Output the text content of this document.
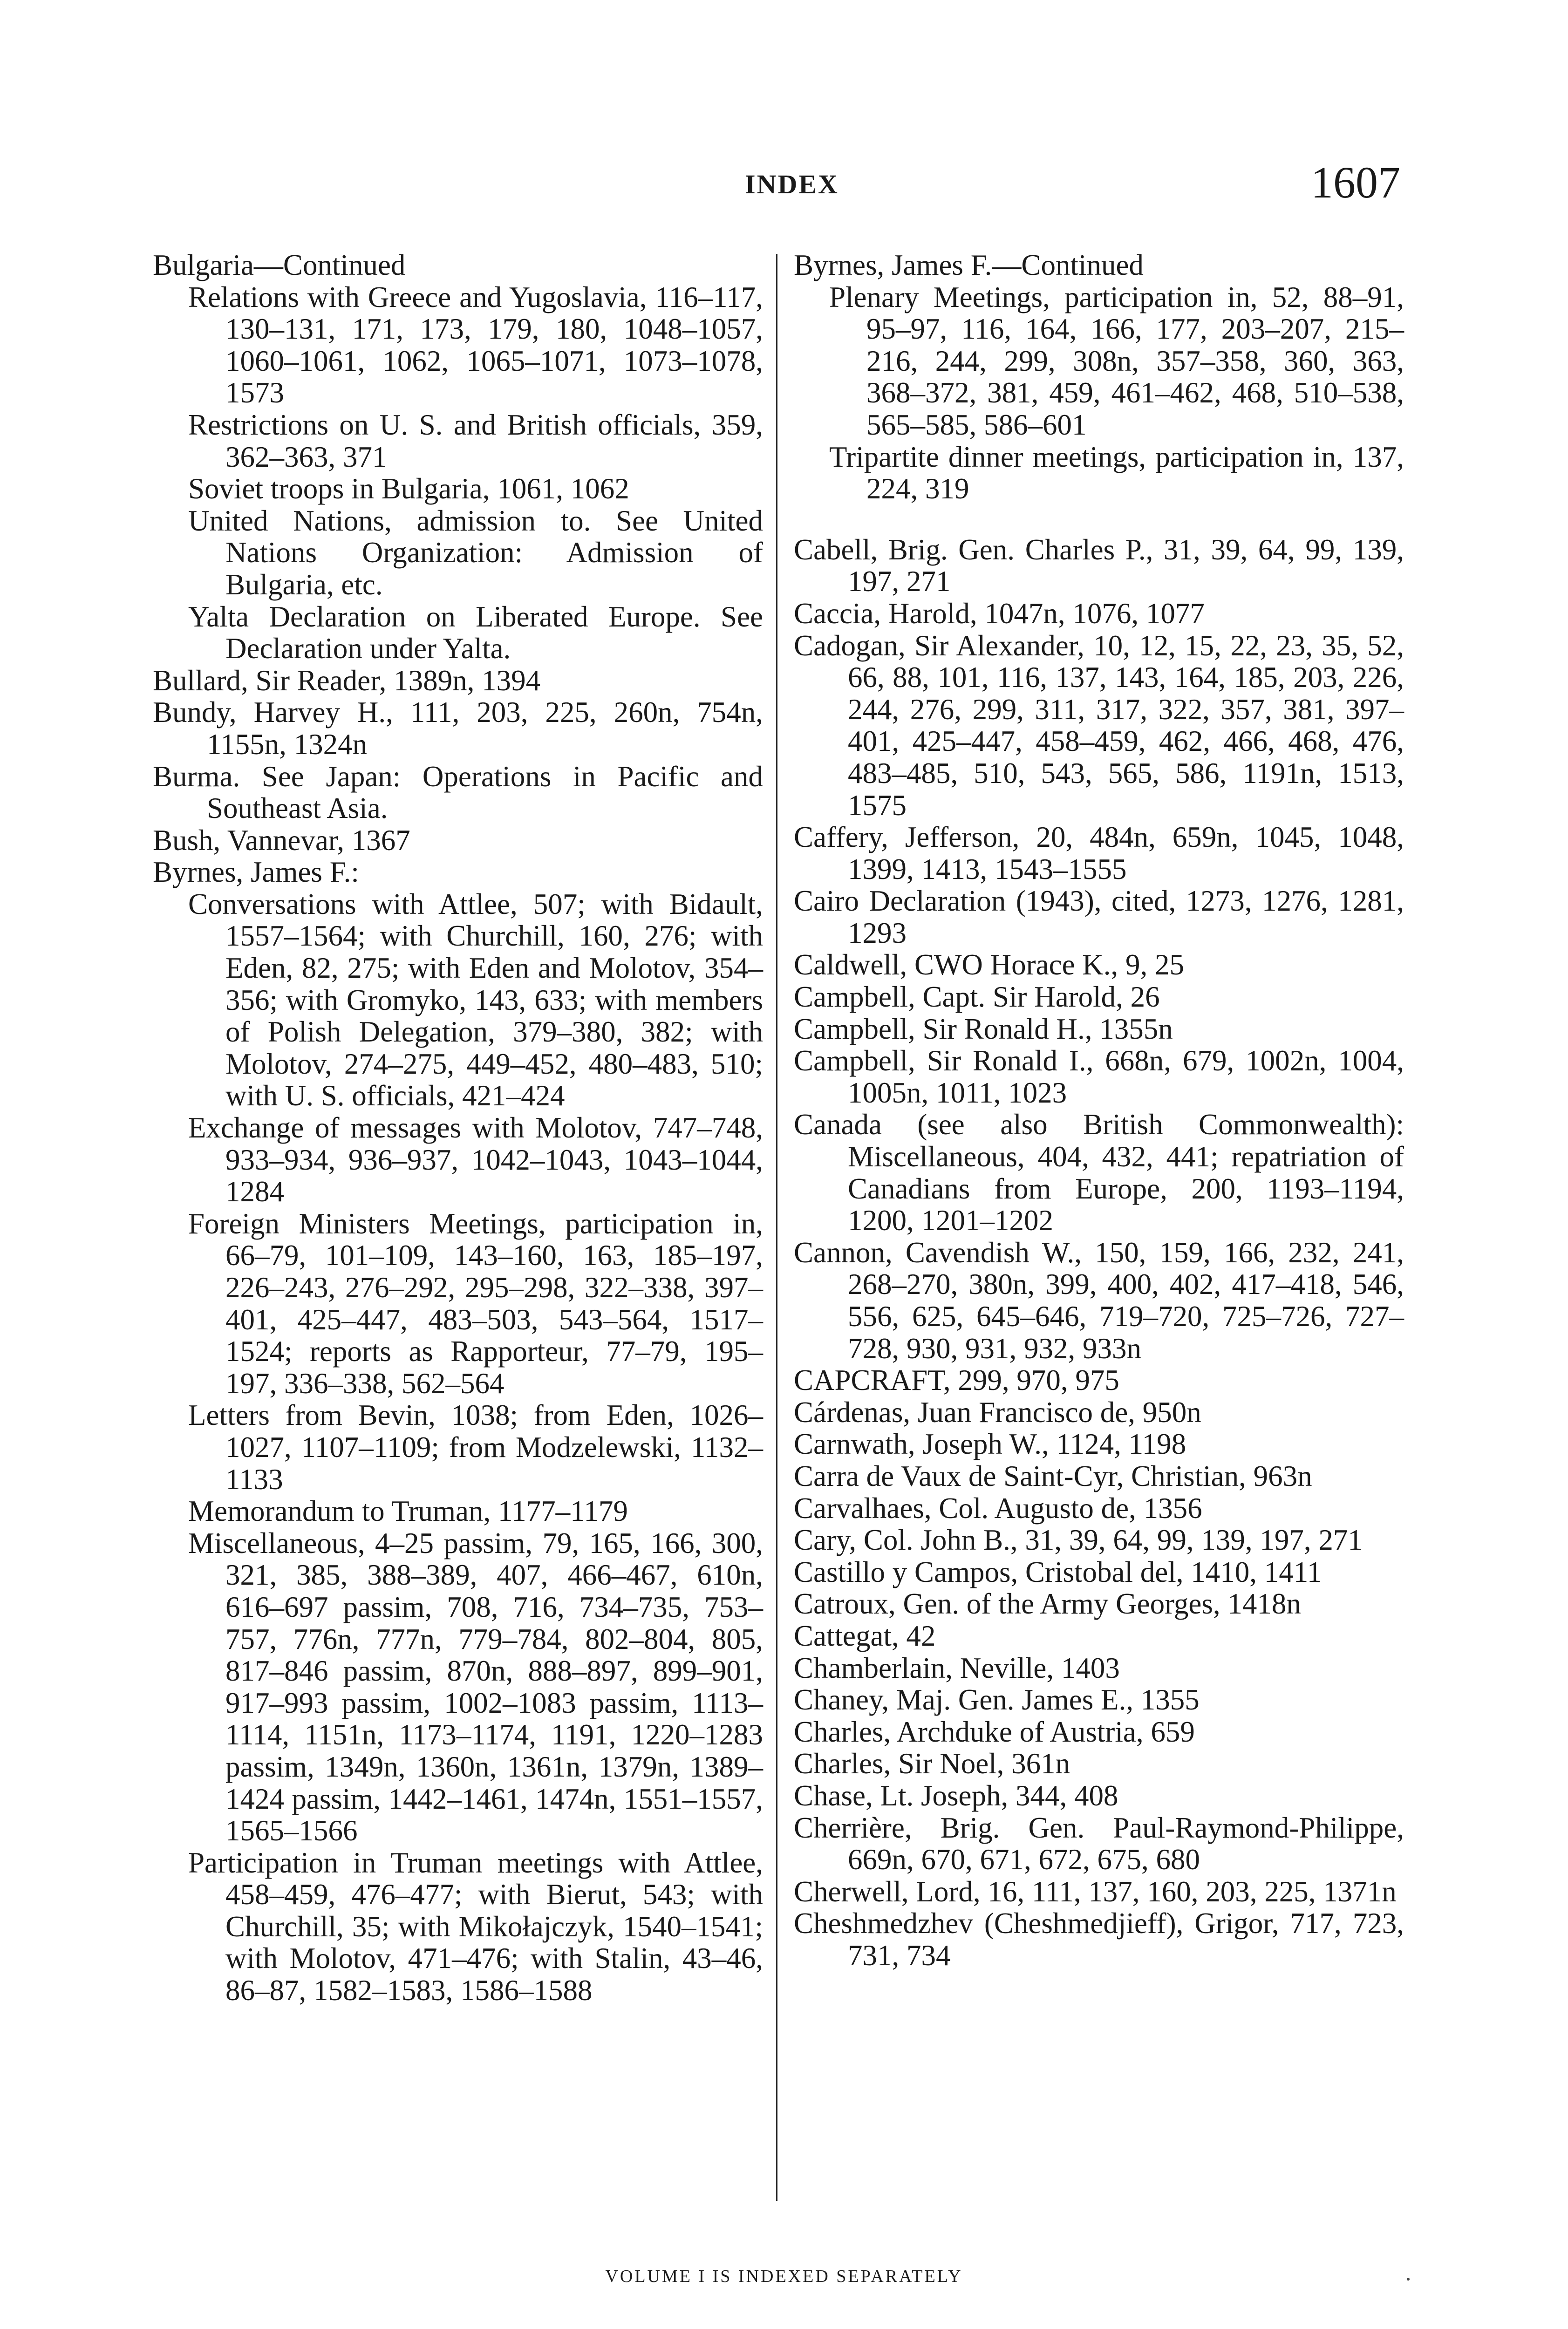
INDEX	1607
Bulgaria—Continued
Relations with Greece and Yugoslavia, 116–117, 130–131, 171, 173, 179, 180, 1048–1057, 1060–1061, 1062, 1065–1071, 1073–1078, 1573
Restrictions on U. S. and British officials, 359, 362–363, 371
Soviet troops in Bulgaria, 1061, 1062
United Nations, admission to. See United Nations Organization: Admission of Bulgaria, etc.
Yalta Declaration on Liberated Europe. See Declaration under Yalta.
Bullard, Sir Reader, 1389n, 1394
Bundy, Harvey H., 111, 203, 225, 260n, 754n, 1155n, 1324n
Burma. See Japan: Operations in Pacific and Southeast Asia.
Bush, Vannevar, 1367
Byrnes, James F.:
Conversations with Attlee, 507; with Bidault, 1557–1564; with Churchill, 160, 276; with Eden, 82, 275; with Eden and Molotov, 354–356; with Gromyko, 143, 633; with members of Polish Delegation, 379–380, 382; with Molotov, 274–275, 449–452, 480–483, 510; with U. S. officials, 421–424
Exchange of messages with Molotov, 747–748, 933–934, 936–937, 1042–1043, 1043–1044, 1284
Foreign Ministers Meetings, participation in, 66–79, 101–109, 143–160, 163, 185–197, 226–243, 276–292, 295–298, 322–338, 397–401, 425–447, 483–503, 543–564, 1517–1524; reports as Rapporteur, 77–79, 195–197, 336–338, 562–564
Letters from Bevin, 1038; from Eden, 1026–1027, 1107–1109; from Modzelewski, 1132–1133
Memorandum to Truman, 1177–1179
Miscellaneous, 4–25 passim, 79, 165, 166, 300, 321, 385, 388–389, 407, 466–467, 610n, 616–697 passim, 708, 716, 734–735, 753–757, 776n, 777n, 779–784, 802–804, 805, 817–846 passim, 870n, 888–897, 899–901, 917–993 passim, 1002–1083 passim, 1113–1114, 1151n, 1173–1174, 1191, 1220–1283 passim, 1349n, 1360n, 1361n, 1379n, 1389–1424 passim, 1442–1461, 1474n, 1551–1557, 1565–1566
Participation in Truman meetings with Attlee, 458–459, 476–477; with Bierut, 543; with Churchill, 35; with Mikołajczyk, 1540–1541; with Molotov, 471–476; with Stalin, 43–46, 86–87, 1582–1583, 1586–1588
Byrnes, James F.—Continued
Plenary Meetings, participation in, 52, 88–91, 95–97, 116, 164, 166, 177, 203–207, 215–216, 244, 299, 308n, 357–358, 360, 363, 368–372, 381, 459, 461–462, 468, 510–538, 565–585, 586–601
Tripartite dinner meetings, participation in, 137, 224, 319
Cabell, Brig. Gen. Charles P., 31, 39, 64, 99, 139, 197, 271
Caccia, Harold, 1047n, 1076, 1077
Cadogan, Sir Alexander, 10, 12, 15, 22, 23, 35, 52, 66, 88, 101, 116, 137, 143, 164, 185, 203, 226, 244, 276, 299, 311, 317, 322, 357, 381, 397–401, 425–447, 458–459, 462, 466, 468, 476, 483–485, 510, 543, 565, 586, 1191n, 1513, 1575
Caffery, Jefferson, 20, 484n, 659n, 1045, 1048, 1399, 1413, 1543–1555
Cairo Declaration (1943), cited, 1273, 1276, 1281, 1293
Caldwell, CWO Horace K., 9, 25
Campbell, Capt. Sir Harold, 26
Campbell, Sir Ronald H., 1355n
Campbell, Sir Ronald I., 668n, 679, 1002n, 1004, 1005n, 1011, 1023
Canada (see also British Commonwealth): Miscellaneous, 404, 432, 441; repatriation of Canadians from Europe, 200, 1193–1194, 1200, 1201–1202
Cannon, Cavendish W., 150, 159, 166, 232, 241, 268–270, 380n, 399, 400, 402, 417–418, 546, 556, 625, 645–646, 719–720, 725–726, 727–728, 930, 931, 932, 933n
CAPCRAFT, 299, 970, 975
Cárdenas, Juan Francisco de, 950n
Carnwath, Joseph W., 1124, 1198
Carra de Vaux de Saint-Cyr, Christian, 963n
Carvalhaes, Col. Augusto de, 1356
Cary, Col. John B., 31, 39, 64, 99, 139, 197, 271
Castillo y Campos, Cristobal del, 1410, 1411
Catroux, Gen. of the Army Georges, 1418n
Cattegat, 42
Chamberlain, Neville, 1403
Chaney, Maj. Gen. James E., 1355
Charles, Archduke of Austria, 659
Charles, Sir Noel, 361n
Chase, Lt. Joseph, 344, 408
Cherrière, Brig. Gen. Paul-Raymond-Philippe, 669n, 670, 671, 672, 675, 680
Cherwell, Lord, 16, 111, 137, 160, 203, 225, 1371n
Cheshmedzhev (Cheshmedjieff), Grigor, 717, 723, 731, 734
VOLUME I IS INDEXED SEPARATELY
